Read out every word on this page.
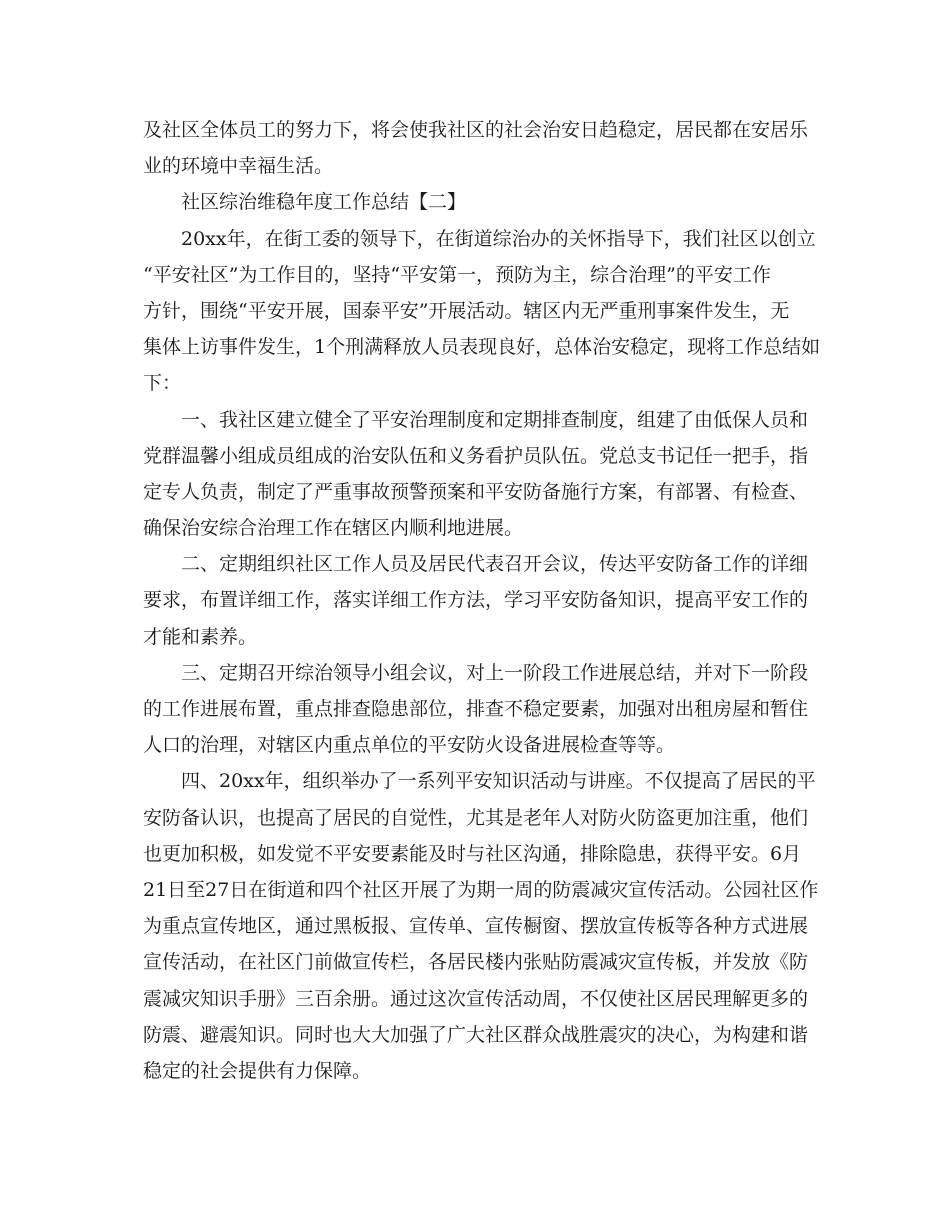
及社区全体员工的努力下，将会使我社区的社会治安日趋稳定，居民都在安居乐
业的环境中幸福生活。

社区综治维稳年度工作总结【二】

20xx年，在街工委的领导下，在街道综治办的关怀指导下，我们社区以创立
“平安社区”为工作目的，坚持“平安第一，预防为主，综合治理”的平安工作
方针，围绕“平安开展，国泰平安”开展活动。辖区内无严重刑事案件发生，无
集体上访事件发生，1个刑满释放人员表现良好，总体治安稳定，现将工作总结如
下：

一、我社区建立健全了平安治理制度和定期排查制度，组建了由低保人员和
党群温馨小组成员组成的治安队伍和义务看护员队伍。党总支书记任一把手，指
定专人负责，制定了严重事故预警预案和平安防备施行方案，有部署、有检查、
确保治安综合治理工作在辖区内顺利地进展。

二、定期组织社区工作人员及居民代表召开会议，传达平安防备工作的详细
要求，布置详细工作，落实详细工作方法，学习平安防备知识，提高平安工作的
才能和素养。

三、定期召开综治领导小组会议，对上一阶段工作进展总结，并对下一阶段
的工作进展布置，重点排查隐患部位，排查不稳定要素，加强对出租房屋和暂住
人口的治理，对辖区内重点单位的平安防火设备进展检查等等。

四、20xx年，组织举办了一系列平安知识活动与讲座。不仅提高了居民的平
安防备认识，也提高了居民的自觉性，尤其是老年人对防火防盗更加注重，他们
也更加积极，如发觉不平安要素能及时与社区沟通，排除隐患，获得平安。6月
21日至27日在街道和四个社区开展了为期一周的防震减灾宣传活动。公园社区作
为重点宣传地区，通过黑板报、宣传单、宣传橱窗、摆放宣传板等各种方式进展
宣传活动，在社区门前做宣传栏，各居民楼内张贴防震减灾宣传板，并发放《防
震减灾知识手册》三百余册。通过这次宣传活动周，不仅使社区居民理解更多的
防震、避震知识。同时也大大加强了广大社区群众战胜震灾的决心，为构建和谐
稳定的社会提供有力保障。
